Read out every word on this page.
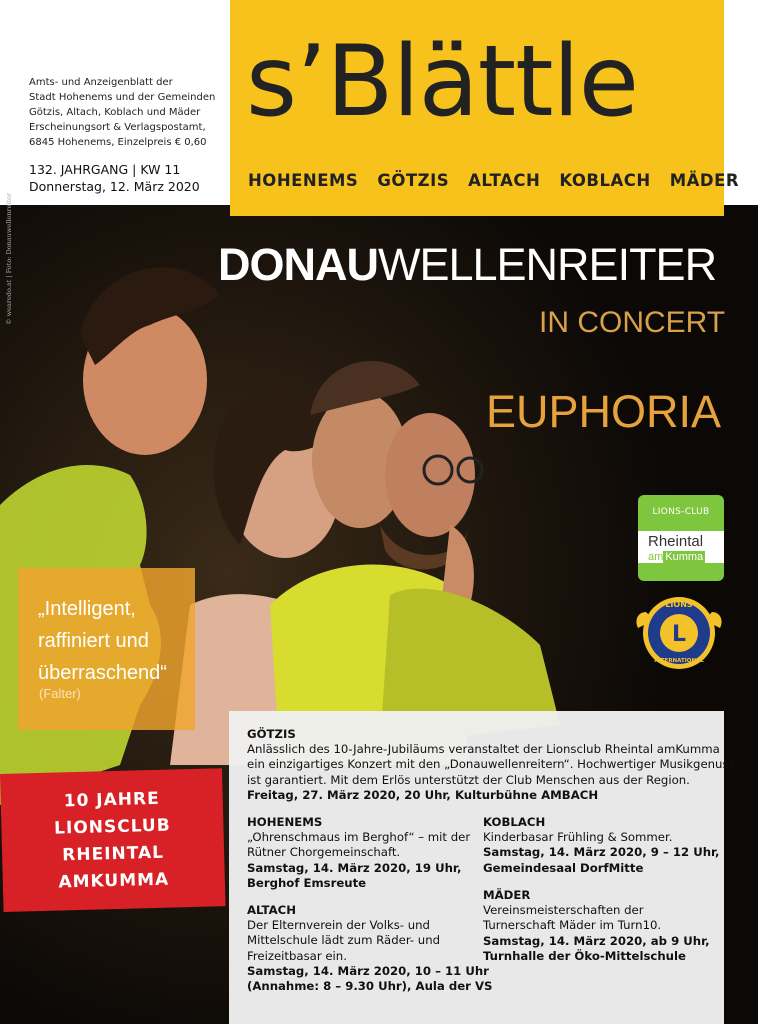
Amts- und Anzeigenblatt der
Stadt Hohenems und der Gemeinden
Götzis, Altach, Koblach und Mäder
Erscheinungsort & Verlagspostamt,
6845 Hohenems, Einzelpreis € 0,60
132. JAHRGANG | KW 11
Donnerstag, 12. März 2020
© wearedo.at | Foto: Donauwellenreiter
s’Blättle
HOHENEMS GÖTZIS ALTACH KOBLACH MÄDER
DONAUWELLENREITER
IN CONCERT
EUPHORIA
LIONS-CLUB
Rheintal
am Kumma
LIONS
L
INTERNATIONAL
„Intelligent, raffiniert und überraschend“
(Falter)
GÖTZIS
Anlässlich des 10-Jahre-Jubiläums veranstaltet der Lionsclub Rheintal amKumma
ein einzigartiges Konzert mit den „Donauwellenreitern“. Hochwertiger Musikgenuss
ist garantiert. Mit dem Erlös unterstützt der Club Menschen aus der Region.
Freitag, 27. März 2020, 20 Uhr, Kulturbühne AMBACH
HOHENEMS
„Ohrenschmaus im Berghof“ – mit der
Rütner Chorgemeinschaft.
Samstag, 14. März 2020, 19 Uhr,
Berghof Emsreute
ALTACH
Der Elternverein der Volks- und
Mittelschule lädt zum Räder- und
Freizeitbasar ein.
Samstag, 14. März 2020, 10 – 11 Uhr
(Annahme: 8 – 9.30 Uhr), Aula der VS
KOBLACH
Kinderbasar Frühling & Sommer.
Samstag, 14. März 2020, 9 – 12 Uhr,
Gemeindesaal DorfMitte
MÄDER
Vereinsmeisterschaften der
Turnerschaft Mäder im Turn10.
Samstag, 14. März 2020, ab 9 Uhr,
Turnhalle der Öko-Mittelschule
10 JAHRE
LIONSCLUB
RHEINTAL
AMKUMMA
